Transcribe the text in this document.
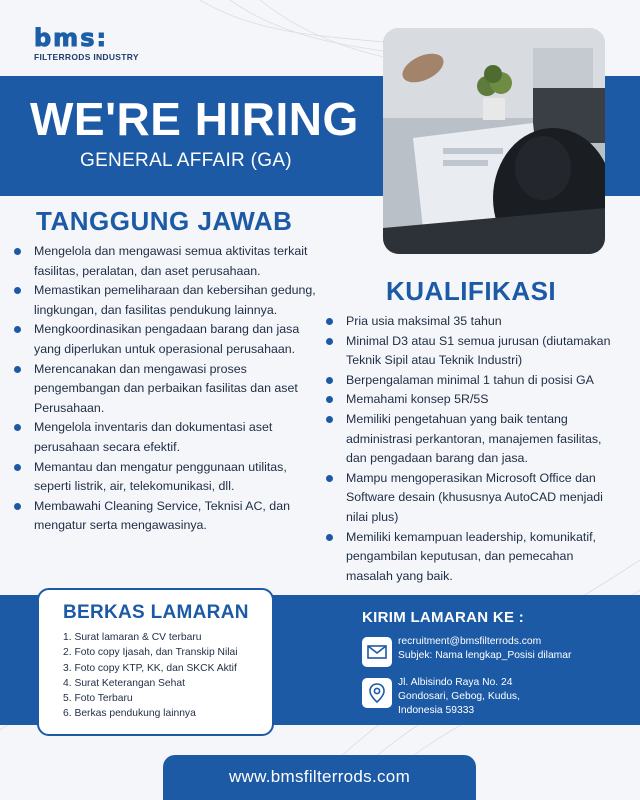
bms:
FILTERRODS INDUSTRY
WE'RE HIRING
GENERAL AFFAIR (GA)
TANGGUNG JAWAB
Mengelola dan mengawasi semua aktivitas terkait fasilitas, peralatan, dan aset perusahaan.
Memastikan pemeliharaan dan kebersihan gedung, lingkungan, dan fasilitas pendukung lainnya.
Mengkoordinasikan pengadaan barang dan jasa yang diperlukan untuk operasional perusahaan.
Merencanakan dan mengawasi proses pengembangan dan perbaikan fasilitas dan aset Perusahaan.
Mengelola inventaris dan dokumentasi aset perusahaan secara efektif.
Memantau dan mengatur penggunaan utilitas, seperti listrik, air, telekomunikasi, dll.
Membawahi Cleaning Service, Teknisi AC, dan mengatur serta mengawasinya.
KUALIFIKASI
Pria usia maksimal 35 tahun
Minimal D3 atau S1 semua jurusan (diutamakan Teknik Sipil atau Teknik Industri)
Berpengalaman minimal 1 tahun di posisi GA
Memahami konsep 5R/5S
Memiliki pengetahuan yang baik tentang administrasi perkantoran, manajemen fasilitas, dan pengadaan barang dan jasa.
Mampu mengoperasikan Microsoft Office dan Software desain (khususnya AutoCAD menjadi nilai plus)
Memiliki kemampuan leadership, komunikatif, pengambilan keputusan, dan pemecahan masalah yang baik.
BERKAS LAMARAN
1. Surat lamaran & CV terbaru
2. Foto copy Ijasah, dan Transkip Nilai
3. Foto copy KTP, KK, dan SKCK Aktif
4. Surat Keterangan Sehat
5. Foto Terbaru
6. Berkas pendukung lainnya
KIRIM LAMARAN KE :
recruitment@bmsfilterrods.com
Subjek: Nama lengkap_Posisi dilamar
Jl. Albisindo Raya No. 24
Gondosari, Gebog, Kudus,
Indonesia 59333
www.bmsfilterrods.com
